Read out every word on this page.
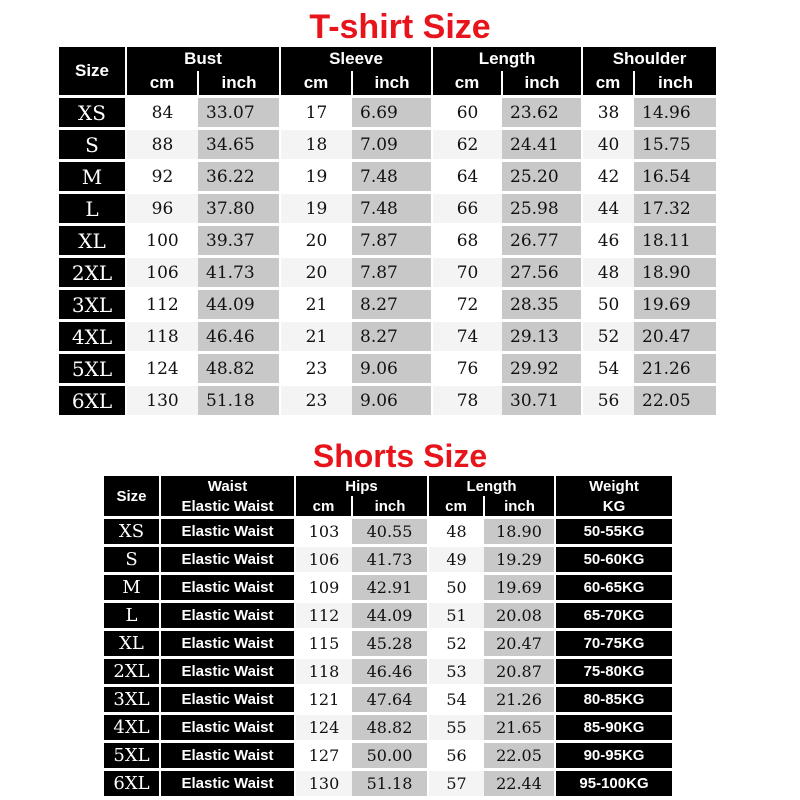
T-shirt Size
Size	Bust		Sleeve		Length		Shoulder	
	cm	inch	cm	inch	cm	inch	cm	inch
XS	84	33.07	17	6.69	60	23.62	38	14.96
S	88	34.65	18	7.09	62	24.41	40	15.75
M	92	36.22	19	7.48	64	25.20	42	16.54
L	96	37.80	19	7.48	66	25.98	44	17.32
XL	100	39.37	20	7.87	68	26.77	46	18.11
2XL	106	41.73	20	7.87	70	27.56	48	18.90
3XL	112	44.09	21	8.27	72	28.35	50	19.69
4XL	118	46.46	21	8.27	74	29.13	52	20.47
5XL	124	48.82	23	9.06	76	29.92	54	21.26
6XL	130	51.18	23	9.06	78	30.71	56	22.05
Shorts Size
Size	Waist	Hips		Length		Weight
	Elastic Waist	cm	inch	cm	inch	KG
XS	Elastic Waist	103	40.55	48	18.90	50-55KG
S	Elastic Waist	106	41.73	49	19.29	50-60KG
M	Elastic Waist	109	42.91	50	19.69	60-65KG
L	Elastic Waist	112	44.09	51	20.08	65-70KG
XL	Elastic Waist	115	45.28	52	20.47	70-75KG
2XL	Elastic Waist	118	46.46	53	20.87	75-80KG
3XL	Elastic Waist	121	47.64	54	21.26	80-85KG
4XL	Elastic Waist	124	48.82	55	21.65	85-90KG
5XL	Elastic Waist	127	50.00	56	22.05	90-95KG
6XL	Elastic Waist	130	51.18	57	22.44	95-100KG
